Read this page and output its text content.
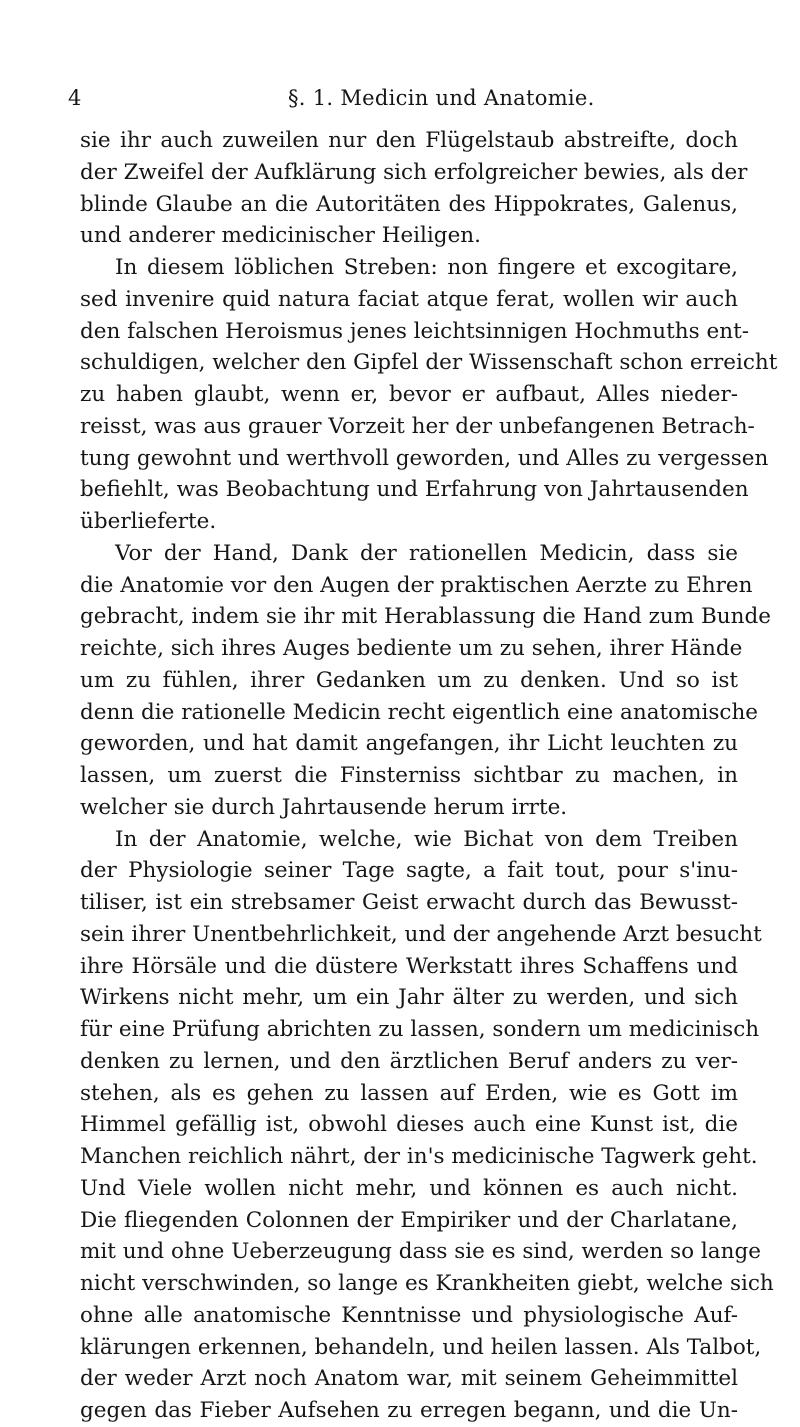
4	§. 1. Medicin und Anatomie.
sie ihr auch zuweilen nur den Flügelstaub abstreifte, doch
der Zweifel der Aufklärung sich erfolgreicher bewies, als der
blinde Glaube an die Autoritäten des Hippokrates, Galenus,
und anderer medicinischer Heiligen.
In diesem löblichen Streben: non fingere et excogitare,
sed invenire quid natura faciat atque ferat, wollen wir auch
den falschen Heroismus jenes leichtsinnigen Hochmuths ent-
schuldigen, welcher den Gipfel der Wissenschaft schon erreicht
zu haben glaubt, wenn er, bevor er aufbaut, Alles nieder-
reisst, was aus grauer Vorzeit her der unbefangenen Betrach-
tung gewohnt und werthvoll geworden, und Alles zu vergessen
befiehlt, was Beobachtung und Erfahrung von Jahrtausenden
überlieferte.
Vor der Hand, Dank der rationellen Medicin, dass sie
die Anatomie vor den Augen der praktischen Aerzte zu Ehren
gebracht, indem sie ihr mit Herablassung die Hand zum Bunde
reichte, sich ihres Auges bediente um zu sehen, ihrer Hände
um zu fühlen, ihrer Gedanken um zu denken. Und so ist
denn die rationelle Medicin recht eigentlich eine anatomische
geworden, und hat damit angefangen, ihr Licht leuchten zu
lassen, um zuerst die Finsterniss sichtbar zu machen, in
welcher sie durch Jahrtausende herum irrte.
In der Anatomie, welche, wie Bichat von dem Treiben
der Physiologie seiner Tage sagte, a fait tout, pour s'inu-
tiliser, ist ein strebsamer Geist erwacht durch das Bewusst-
sein ihrer Unentbehrlichkeit, und der angehende Arzt besucht
ihre Hörsäle und die düstere Werkstatt ihres Schaffens und
Wirkens nicht mehr, um ein Jahr älter zu werden, und sich
für eine Prüfung abrichten zu lassen, sondern um medicinisch
denken zu lernen, und den ärztlichen Beruf anders zu ver-
stehen, als es gehen zu lassen auf Erden, wie es Gott im
Himmel gefällig ist, obwohl dieses auch eine Kunst ist, die
Manchen reichlich nährt, der in's medicinische Tagwerk geht.
Und Viele wollen nicht mehr, und können es auch nicht.
Die fliegenden Colonnen der Empiriker und der Charlatane,
mit und ohne Ueberzeugung dass sie es sind, werden so lange
nicht verschwinden, so lange es Krankheiten giebt, welche sich
ohne alle anatomische Kenntnisse und physiologische Auf-
klärungen erkennen, behandeln, und heilen lassen. Als Talbot,
der weder Arzt noch Anatom war, mit seinem Geheimmittel
gegen das Fieber Aufsehen zu erregen begann, und die Un-
